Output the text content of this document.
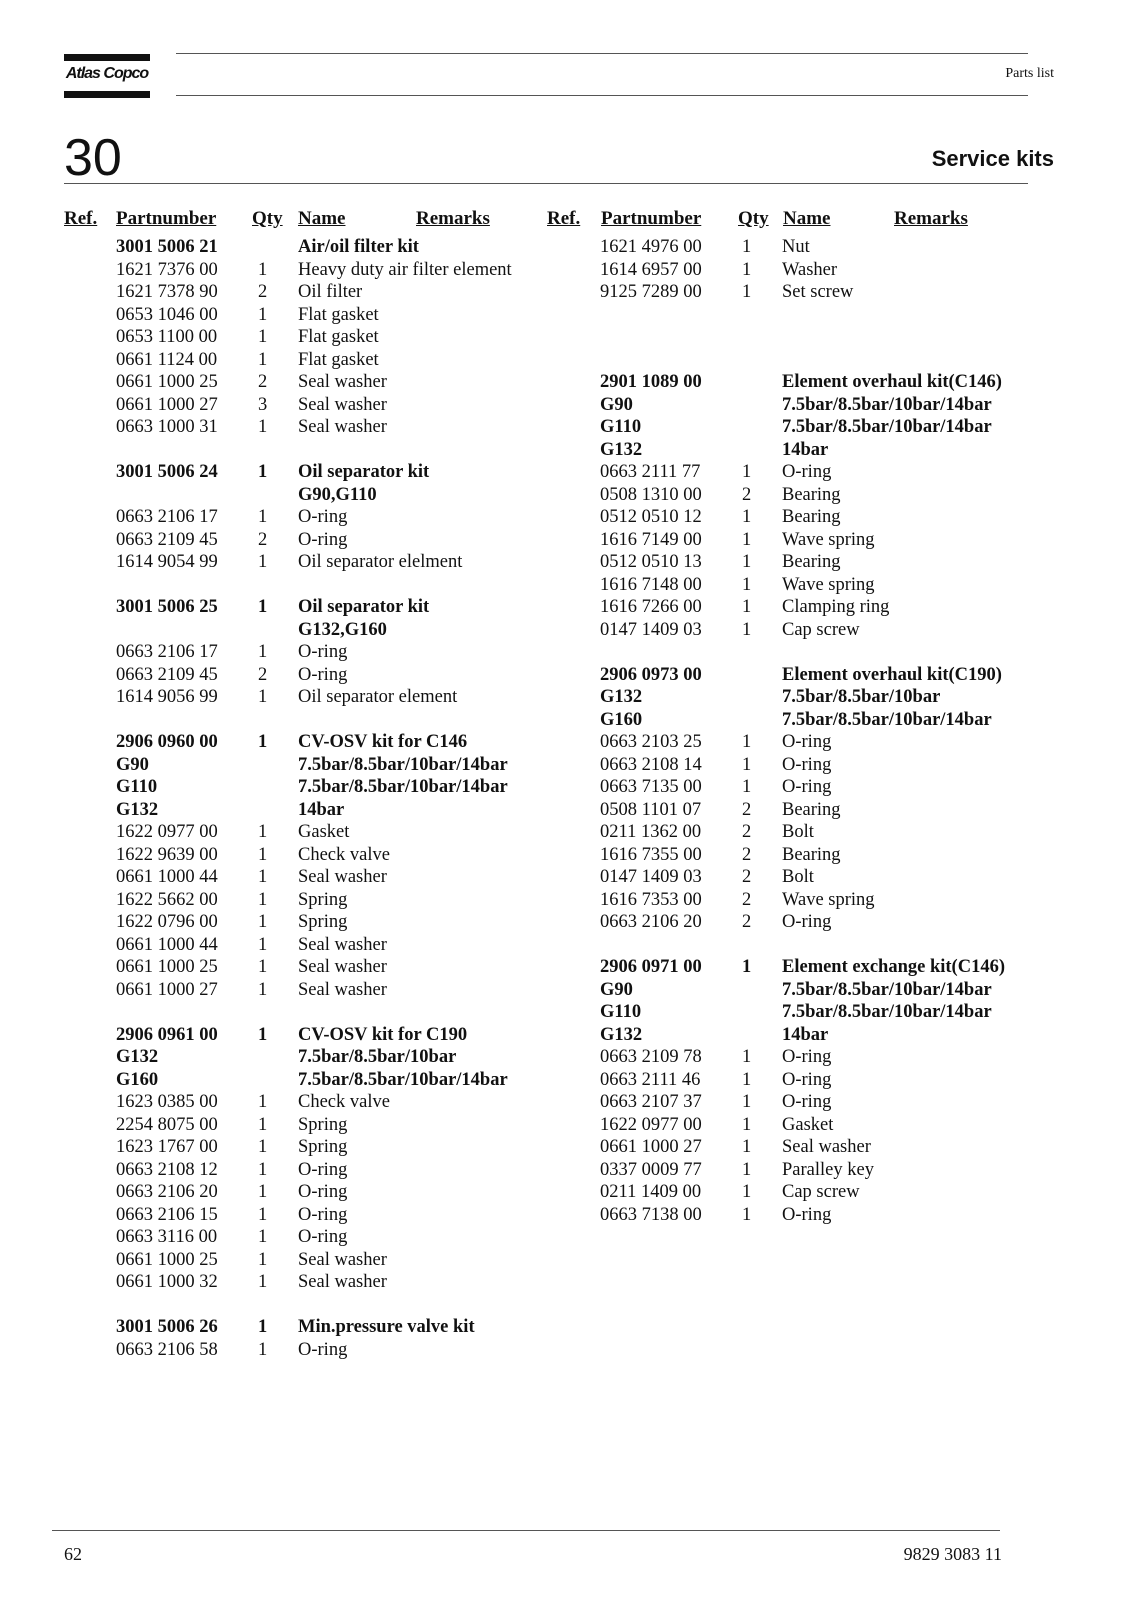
Atlas Copco	Parts list
30	Service kits
Ref. Partnumber Qty Name	Remarks
3001 5006 21	Air/oil filter kit
1621 7376 00 1 Heavy duty air filter element
1621 7378 90 2 Oil filter
0653 1046 00 1 Flat gasket
0653 1100 00 1 Flat gasket
0661 1124 00 1 Flat gasket
0661 1000 25 2 Seal washer
0661 1000 27 3 Seal washer
0663 1000 31 1 Seal washer
3001 5006 24 1 Oil separator kit
G90,G110
0663 2106 17 1 O-ring
0663 2109 45 2 O-ring
1614 9054 99 1 Oil separator elelment
3001 5006 25 1 Oil separator kit
G132,G160
0663 2106 17 1 O-ring
0663 2109 45 2 O-ring
1614 9056 99 1 Oil separator element
2906 0960 00 1 CV-OSV kit for C146
G90	7.5bar/8.5bar/10bar/14bar
G110	7.5bar/8.5bar/10bar/14bar
G132	14bar
1622 0977 00 1 Gasket
1622 9639 00 1 Check valve
0661 1000 44 1 Seal washer
1622 5662 00 1 Spring
1622 0796 00 1 Spring
0661 1000 44 1 Seal washer
0661 1000 25 1 Seal washer
0661 1000 27 1 Seal washer
2906 0961 00 1 CV-OSV kit for C190
G132	7.5bar/8.5bar/10bar
G160	7.5bar/8.5bar/10bar/14bar
1623 0385 00 1 Check valve
2254 8075 00 1 Spring
1623 1767 00 1 Spring
0663 2108 12 1 O-ring
0663 2106 20 1 O-ring
0663 2106 15 1 O-ring
0663 3116 00 1 O-ring
0661 1000 25 1 Seal washer
0661 1000 32 1 Seal washer
3001 5006 26 1 Min.pressure valve kit
0663 2106 58 1 O-ring
Ref. Partnumber Qty Name	Remarks
1621 4976 00 1 Nut
1614 6957 00 1 Washer
9125 7289 00 1 Set screw
2901 1089 00	Element overhaul kit(C146)
G90	7.5bar/8.5bar/10bar/14bar
G110	7.5bar/8.5bar/10bar/14bar
G132	14bar
0663 2111 77 1 O-ring
0508 1310 00 2 Bearing
0512 0510 12 1 Bearing
1616 7149 00 1 Wave spring
0512 0510 13 1 Bearing
1616 7148 00 1 Wave spring
1616 7266 00 1 Clamping ring
0147 1409 03 1 Cap screw
2906 0973 00	Element overhaul kit(C190)
G132	7.5bar/8.5bar/10bar
G160	7.5bar/8.5bar/10bar/14bar
0663 2103 25 1 O-ring
0663 2108 14 1 O-ring
0663 7135 00 1 O-ring
0508 1101 07 2 Bearing
0211 1362 00 2 Bolt
1616 7355 00 2 Bearing
0147 1409 03 2 Bolt
1616 7353 00 2 Wave spring
0663 2106 20 2 O-ring
2906 0971 00 1 Element exchange kit(C146)
G90	7.5bar/8.5bar/10bar/14bar
G110	7.5bar/8.5bar/10bar/14bar
G132	14bar
0663 2109 78 1 O-ring
0663 2111 46 1 O-ring
0663 2107 37 1 O-ring
1622 0977 00 1 Gasket
0661 1000 27 1 Seal washer
0337 0009 77 1 Paralley key
0211 1409 00 1 Cap screw
0663 7138 00 1 O-ring
62	9829 3083 11
